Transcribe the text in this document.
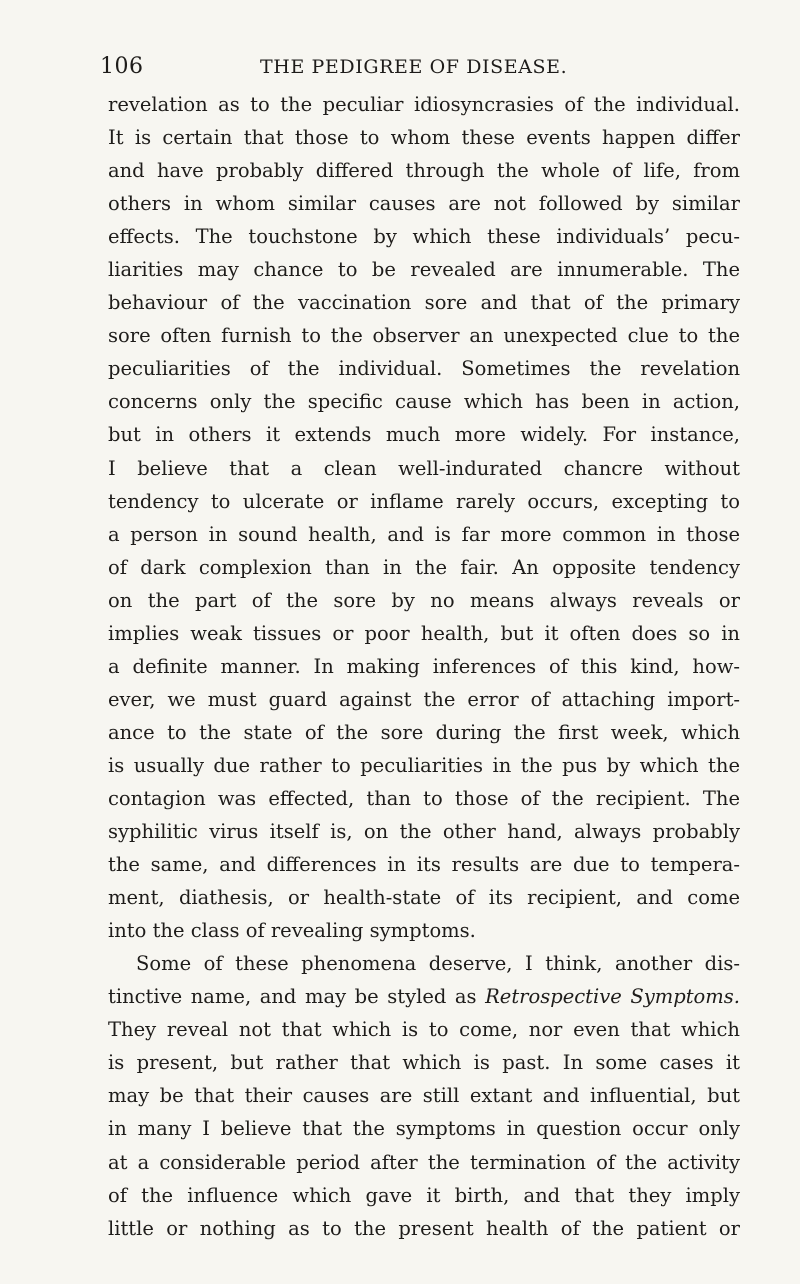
106	THE PEDIGREE OF DISEASE.
revelation as to the peculiar idiosyncrasies of the individual.
It is certain that those to whom these events happen differ
and have probably differed through the whole of life, from
others in whom similar causes are not followed by similar
effects. The touchstone by which these individuals’ pecu-
liarities may chance to be revealed are innumerable. The
behaviour of the vaccination sore and that of the primary
sore often furnish to the observer an unexpected clue to the
peculiarities of the individual. Sometimes the revelation
concerns only the specific cause which has been in action,
but in others it extends much more widely. For instance,
I believe that a clean well-indurated chancre without
tendency to ulcerate or inflame rarely occurs, excepting to
a person in sound health, and is far more common in those
of dark complexion than in the fair. An opposite tendency
on the part of the sore by no means always reveals or
implies weak tissues or poor health, but it often does so in
a definite manner. In making inferences of this kind, how-
ever, we must guard against the error of attaching import-
ance to the state of the sore during the first week, which
is usually due rather to peculiarities in the pus by which the
contagion was effected, than to those of the recipient. The
syphilitic virus itself is, on the other hand, always probably
the same, and differences in its results are due to tempera-
ment, diathesis, or health-state of its recipient, and come
into the class of revealing symptoms.
Some of these phenomena deserve, I think, another dis-
tinctive name, and may be styled as Retrospective Symptoms.
They reveal not that which is to come, nor even that which
is present, but rather that which is past. In some cases it
may be that their causes are still extant and influential, but
in many I believe that the symptoms in question occur only
at a considerable period after the termination of the activity
of the influence which gave it birth, and that they imply
little or nothing as to the present health of the patient or
